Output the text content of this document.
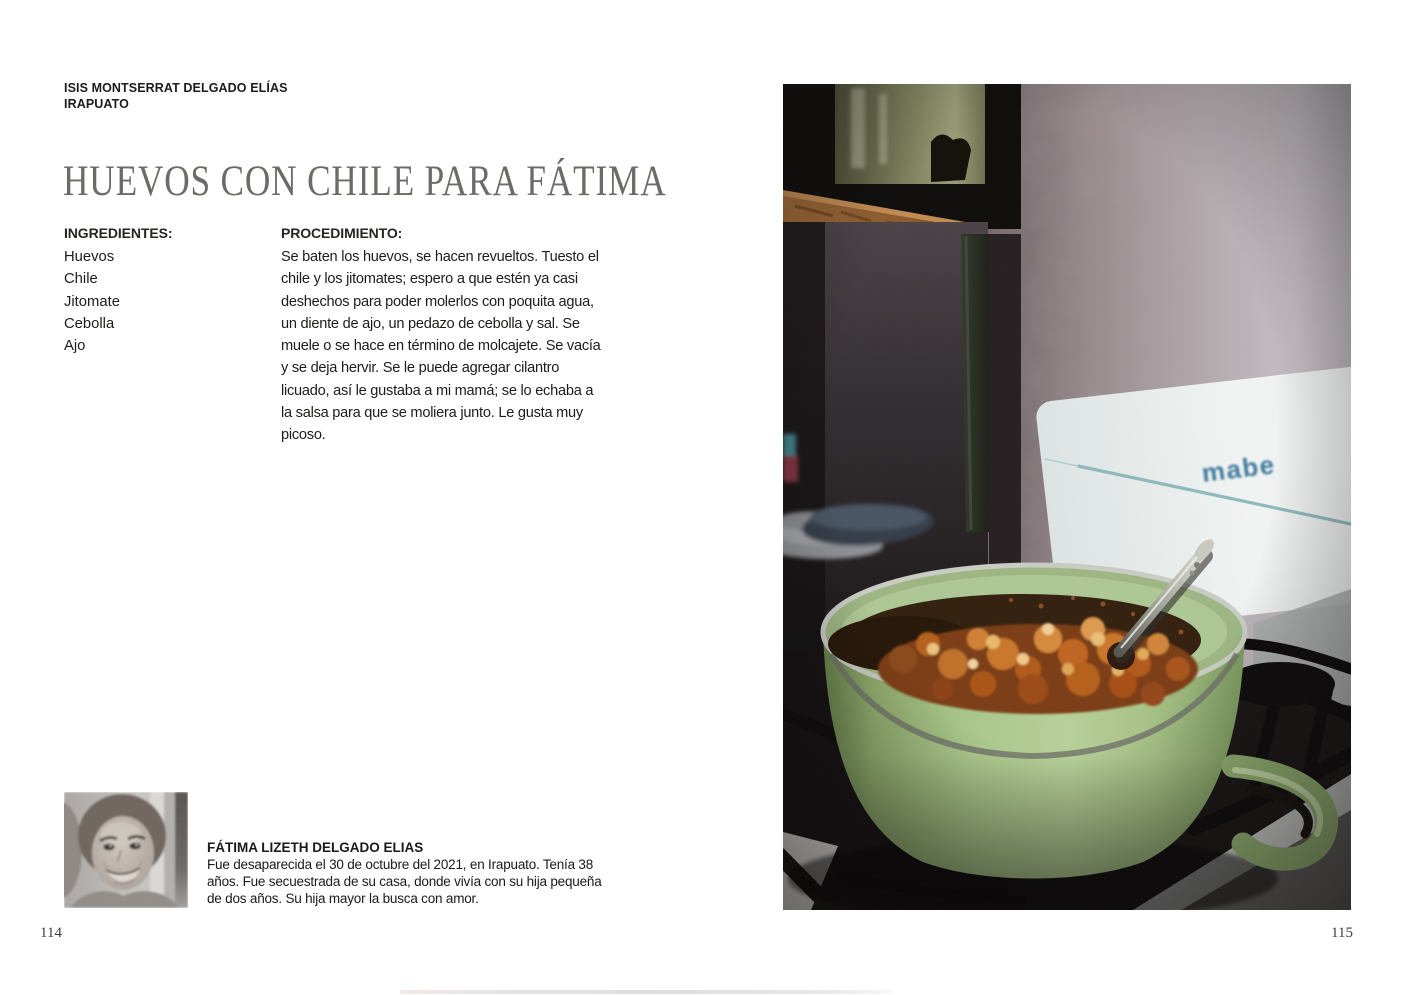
ISIS MONTSERRAT DELGADO ELÍAS
IRAPUATO
HUEVOS CON CHILE PARA FÁTIMA
INGREDIENTES:
Huevos
Chile
Jitomate
Cebolla
Ajo
PROCEDIMIENTO:
Se baten los huevos, se hacen revueltos. Tuesto el chile y los jitomates; espero a que estén ya casi deshechos para poder molerlos con poquita agua, un diente de ajo, un pedazo de cebolla y sal. Se muele o se hace en término de molcajete. Se vacía y se deja hervir. Se le puede agregar cilantro licuado, así le gustaba a mi mamá; se lo echaba a la salsa para que se moliera junto. Le gusta muy picoso.
FÁTIMA LIZETH DELGADO ELIAS
Fue desaparecida el 30 de octubre del 2021, en Irapuato. Tenía 38 años. Fue secuestrada de su casa, donde vivía con su hija pequeña de dos años. Su hija mayor la busca con amor.
114	115
